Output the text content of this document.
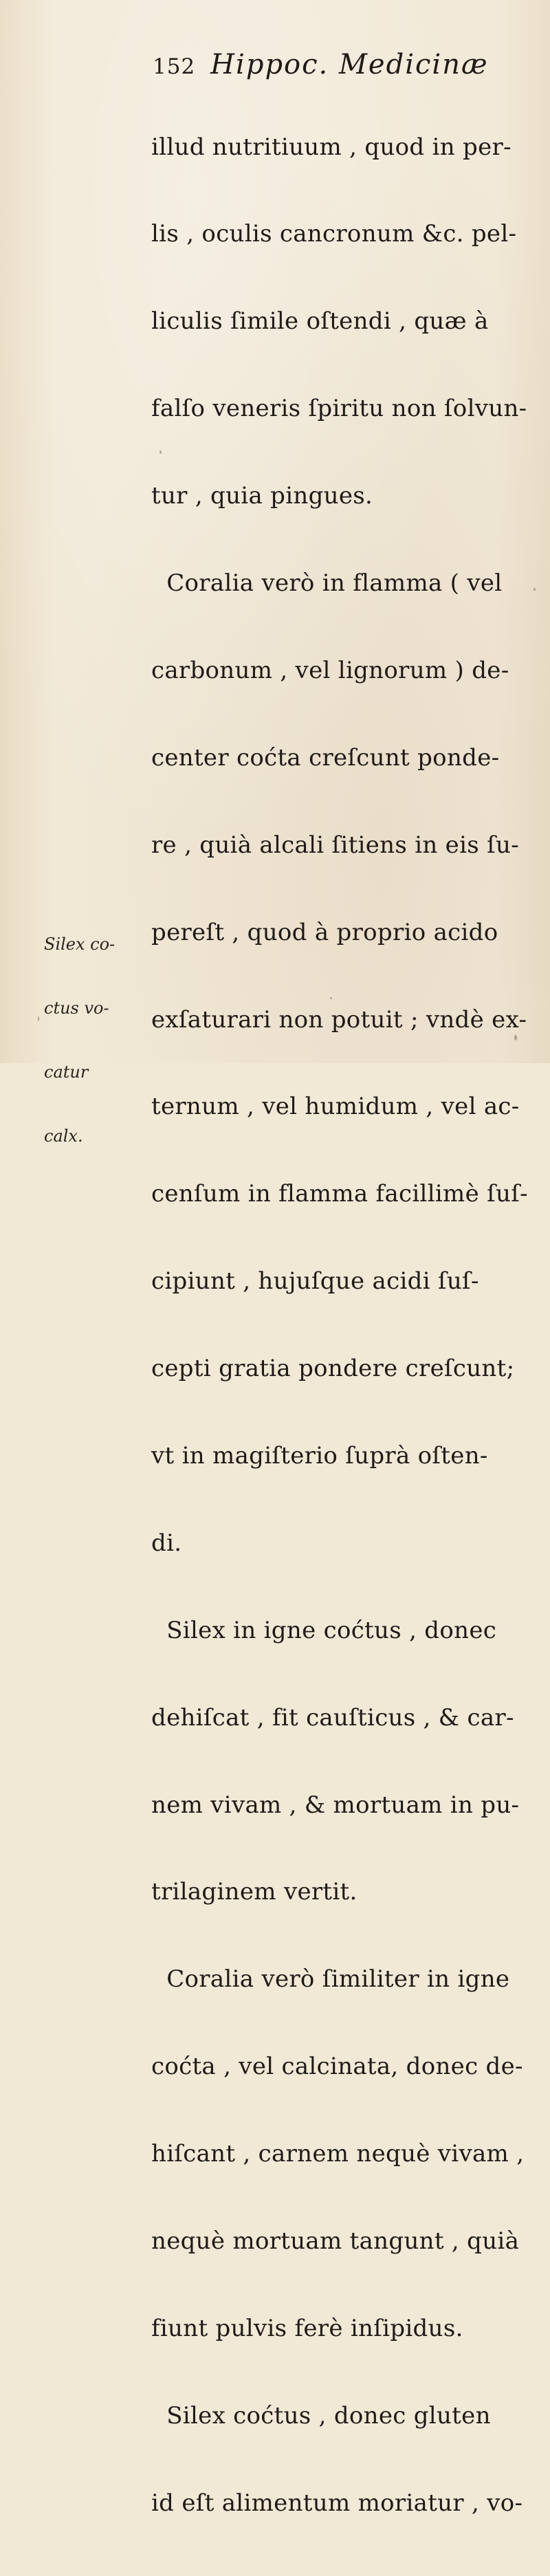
152 Hippoc. Medicinæ

illud nutritiuum , quod in per-

lis , oculis cancronum &c. pel-

liculis ſimile oſtendi , quæ à

falſo veneris ſpiritu non ſolvun-

tur , quia pingues.

Coralia verò in flamma ( vel

carbonum , vel lignorum ) de-

center coćta creſcunt ponde-

re , quià alcali ſitiens in eis ſu-

pereſt , quod à proprio acido

exſaturari non potuit ; vndè ex-

ternum , vel humidum , vel ac-

cenſum in flamma facillimè ſuſ-

cipiunt , hujuſque acidi ſuſ-

cepti gratia pondere creſcunt;

vt in magiſterio ſuprà oſten-

di.

Silex in igne coćtus , donec

dehiſcat , fit cauſticus , & car-

nem vivam , & mortuam in pu-

trilaginem vertit.

Coralia verò ſimiliter in igne

coćta , vel calcinata, donec de-

hiſcant , carnem nequè vivam ,

nequè mortuam tangunt , quià

fiunt pulvis ferè inſipidus.

Silex coćtus , donec gluten

id eſt alimentum moriatur , vo-

Silex co-

ctus vo-

catur

calx.
